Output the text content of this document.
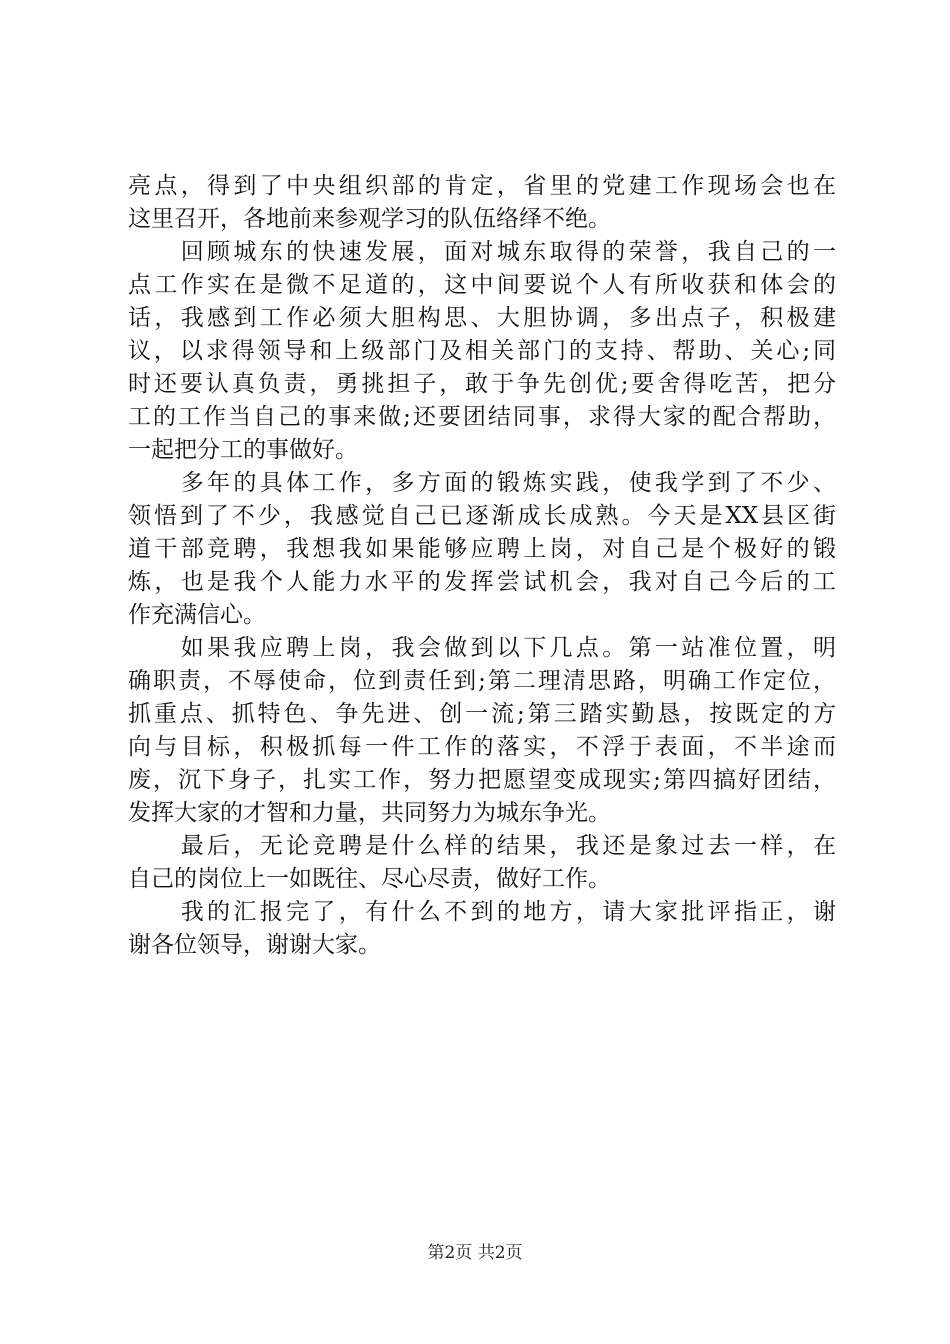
亮点，得到了中央组织部的肯定，省里的党建工作现场会也在
这里召开，各地前来参观学习的队伍络绎不绝。
　　回顾城东的快速发展，面对城东取得的荣誉，我自己的一
点工作实在是微不足道的，这中间要说个人有所收获和体会的
话，我感到工作必须大胆构思、大胆协调，多出点子，积极建
议，以求得领导和上级部门及相关部门的支持、帮助、关心;同
时还要认真负责，勇挑担子，敢于争先创优;要舍得吃苦，把分
工的工作当自己的事来做;还要团结同事，求得大家的配合帮助，
一起把分工的事做好。
　　多年的具体工作，多方面的锻炼实践，使我学到了不少、
领悟到了不少，我感觉自己已逐渐成长成熟。今天是XX县区街
道干部竞聘，我想我如果能够应聘上岗，对自己是个极好的锻
炼，也是我个人能力水平的发挥尝试机会，我对自己今后的工
作充满信心。
　　如果我应聘上岗，我会做到以下几点。第一站准位置，明
确职责，不辱使命，位到责任到;第二理清思路，明确工作定位，
抓重点、抓特色、争先进、创一流;第三踏实勤恳，按既定的方
向与目标，积极抓每一件工作的落实，不浮于表面，不半途而
废，沉下身子，扎实工作，努力把愿望变成现实;第四搞好团结，
发挥大家的才智和力量，共同努力为城东争光。
　　最后，无论竞聘是什么样的结果，我还是象过去一样，在
自己的岗位上一如既往、尽心尽责，做好工作。
　　我的汇报完了，有什么不到的地方，请大家批评指正，谢
谢各位领导，谢谢大家。
第2页 共2页
